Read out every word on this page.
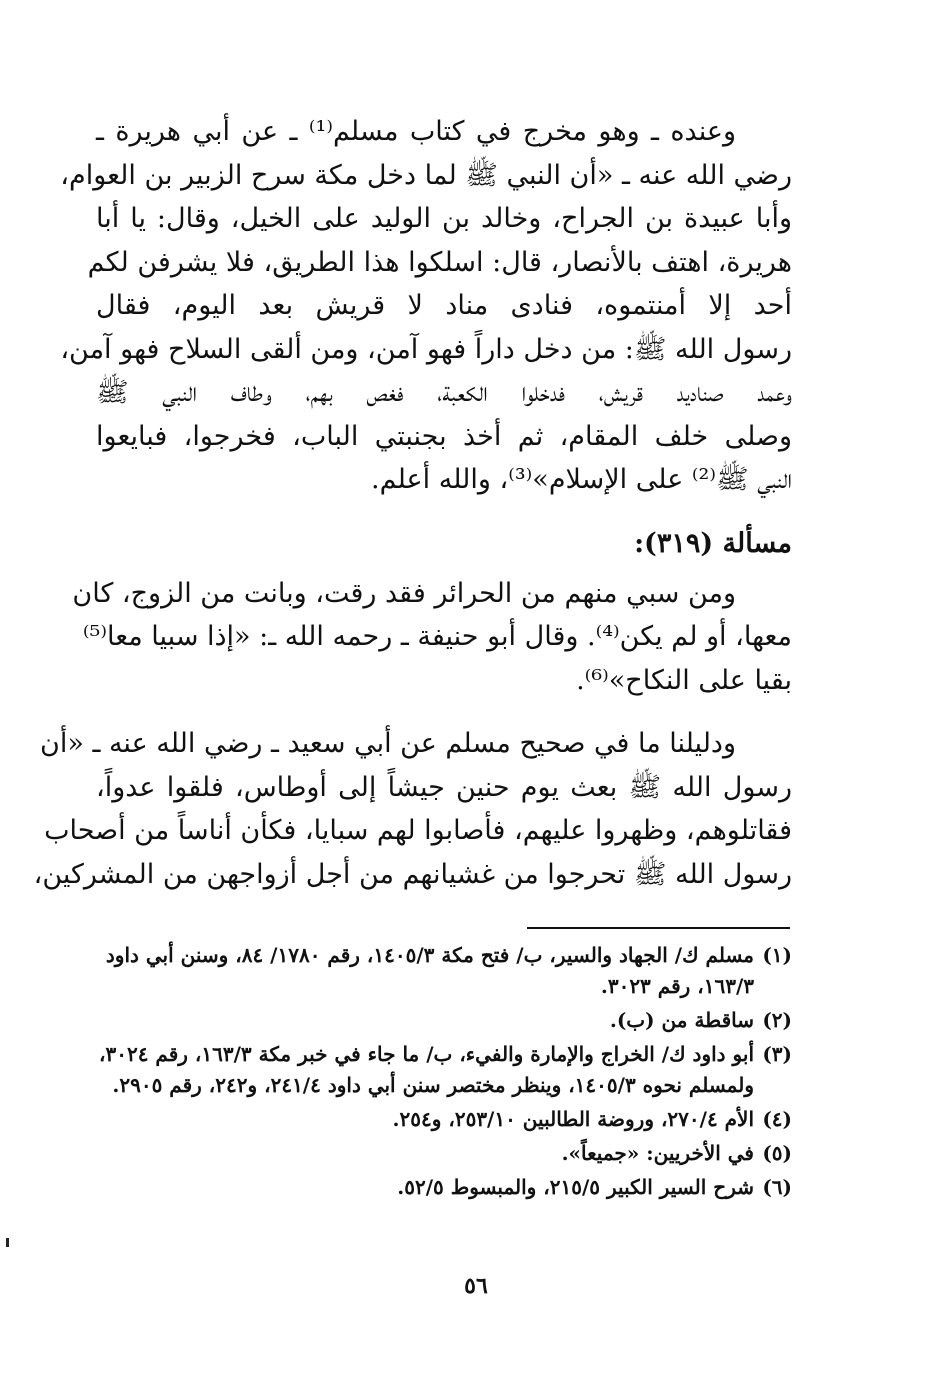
وعنده ـ وهو مخرج في كتاب مسلم⁽¹⁾ ـ عن أبي هريرة ـ
رضي الله عنه ـ «أن النبي ﷺ لما دخل مكة سرح الزبير بن العوام،
وأبا عبيدة بن الجراح، وخالد بن الوليد على الخيل، وقال: يا أبا
هريرة، اهتف بالأنصار، قال: اسلكوا هذا الطريق، فلا يشرفن لكم
أحد إلا أمنتموه، فنادى مناد لا قريش بعد اليوم، فقال
رسول الله ﷺ: من دخل داراً فهو آمن، ومن ألقى السلاح فهو آمن،
وعمد صناديد قريش، فدخلوا الكعبة، فغص بهم، وطاف النبي ﷺ
وصلى خلف المقام، ثم أخذ بجنبتي الباب، فخرجوا، فبايعوا
النبي ﷺ⁽²⁾ على الإسلام»⁽³⁾، والله أعلم.
مسألة (٣١٩):
ومن سبي منهم من الحرائر فقد رقت، وبانت من الزوج، كان
معها، أو لم يكن⁽⁴⁾. وقال أبو حنيفة ـ رحمه الله ـ: «إذا سبيا معا⁽⁵⁾
بقيا على النكاح»⁽⁶⁾.
ودليلنا ما في صحيح مسلم عن أبي سعيد ـ رضي الله عنه ـ «أن
رسول الله ﷺ بعث يوم حنين جيشاً إلى أوطاس، فلقوا عدواً،
فقاتلوهم، وظهروا عليهم، فأصابوا لهم سبايا، فكأن أناساً من أصحاب
رسول الله ﷺ تحرجوا من غشيانهم من أجل أزواجهن من المشركين،
(١)
مسلم ك/ الجهاد والسير، ب/ فتح مكة ١٤٠٥/٣، رقم ١٧٨٠/ ٨٤، وسنن أبي داود ١٦٣/٣، رقم ٣٠٢٣.
(٢)
ساقطة من (ب).
(٣)
أبو داود ك/ الخراج والإمارة والفيء، ب/ ما جاء في خبر مكة ١٦٣/٣، رقم ٣٠٢٤، ولمسلم نحوه ١٤٠٥/٣، وينظر مختصر سنن أبي داود ٢٤١/٤، و٢٤٢، رقم ٢٩٠٥.
(٤)
الأم ٢٧٠/٤، وروضة الطالبين ٢٥٣/١٠، و٢٥٤.
(٥)
في الأخريين: «جميعاً».
(٦)
شرح السير الكبير ٢١٥/٥، والمبسوط ٥٢/٥.
٥٦
